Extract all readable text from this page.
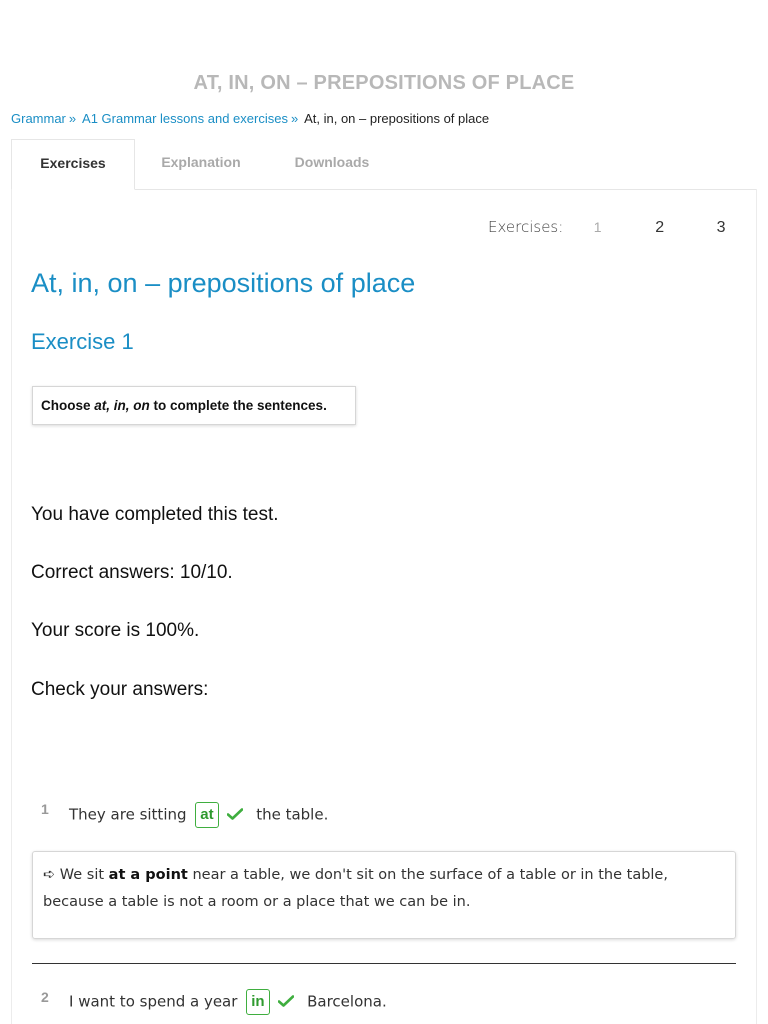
AT, IN, ON – PREPOSITIONS OF PLACE
Grammar » A1 Grammar lessons and exercises » At, in, on – prepositions of place
Exercises	Explanation	Downloads
Exercises: 1	2	3
At, in, on – prepositions of place
Exercise 1
Choose at, in, on to complete the sentences.
You have completed this test.
Correct answers: 10/10.
Your score is 100%.
Check your answers:
1 They are sitting at	the table.
➪ We sit at a point near a table, we don't sit on the surface of a table or in the table, because a table is not a room or a place that we can be in.
2 I want to spend a year in	Barcelona.
